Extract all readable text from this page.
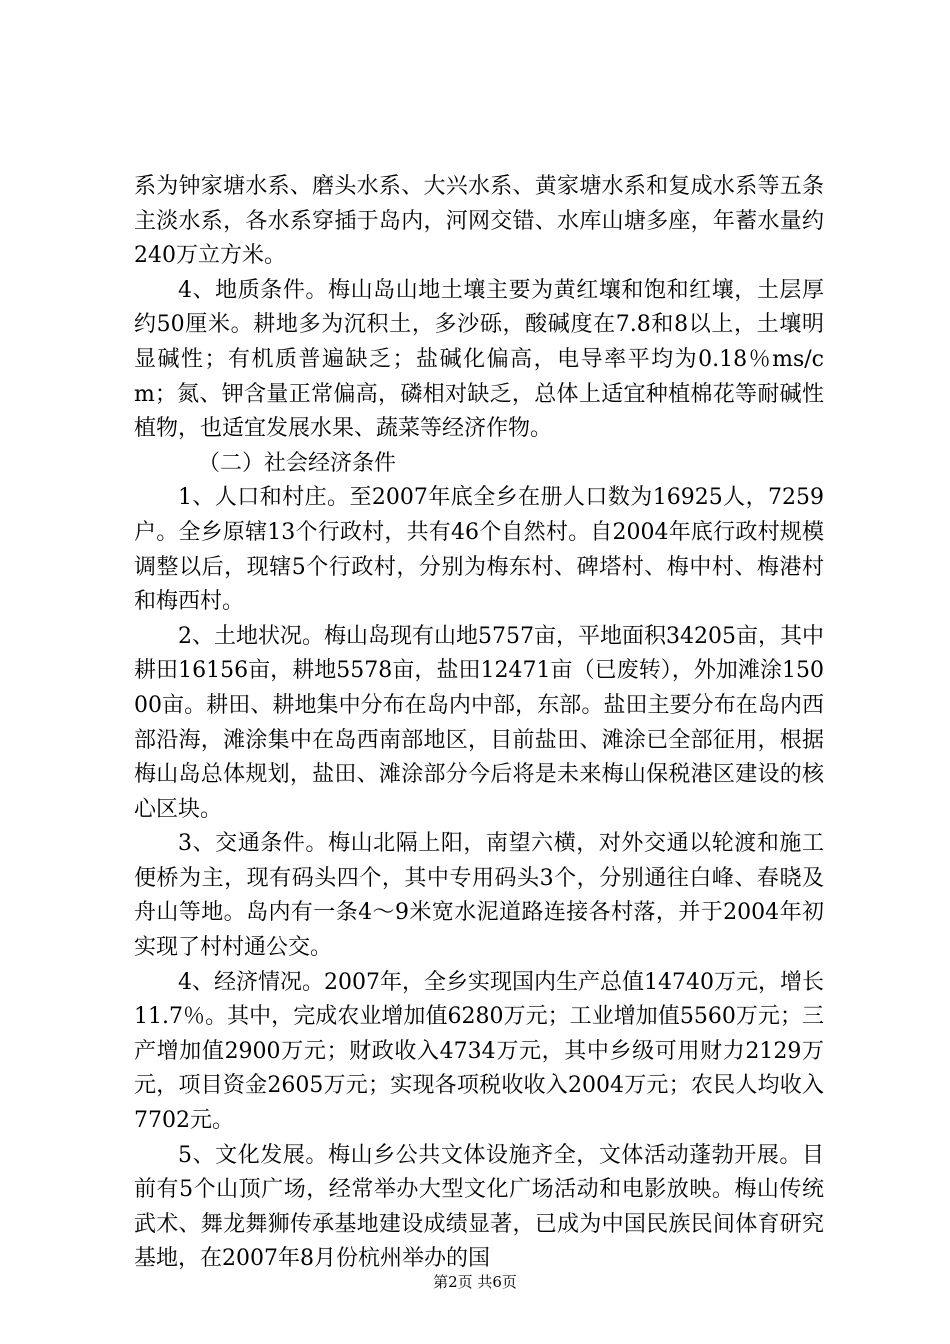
系为钟家塘水系、磨头水系、大兴水系、黄家塘水系和复成水系等五条主淡水系，各水系穿插于岛内，河网交错、水库山塘多座，年蓄水量约240万立方米。

4、地质条件。梅山岛山地土壤主要为黄红壤和饱和红壤，土层厚约50厘米。耕地多为沉积土，多沙砾，酸碱度在7.8和8以上，土壤明显碱性；有机质普遍缺乏；盐碱化偏高，电导率平均为0.18％ms/cm；氮、钾含量正常偏高，磷相对缺乏，总体上适宜种植棉花等耐碱性植物，也适宜发展水果、蔬菜等经济作物。

（二）社会经济条件

1、人口和村庄。至2007年底全乡在册人口数为16925人，7259户。全乡原辖13个行政村，共有46个自然村。自2004年底行政村规模调整以后，现辖5个行政村，分别为梅东村、碑塔村、梅中村、梅港村和梅西村。

2、土地状况。梅山岛现有山地5757亩，平地面积34205亩，其中耕田16156亩，耕地5578亩，盐田12471亩（已废转），外加滩涂15000亩。耕田、耕地集中分布在岛内中部，东部。盐田主要分布在岛内西部沿海，滩涂集中在岛西南部地区，目前盐田、滩涂已全部征用，根据梅山岛总体规划，盐田、滩涂部分今后将是未来梅山保税港区建设的核心区块。

3、交通条件。梅山北隔上阳，南望六横，对外交通以轮渡和施工便桥为主，现有码头四个，其中专用码头3个，分别通往白峰、春晓及舟山等地。岛内有一条4～9米宽水泥道路连接各村落，并于2004年初实现了村村通公交。

4、经济情况。2007年，全乡实现国内生产总值14740万元，增长11.7％。其中，完成农业增加值6280万元；工业增加值5560万元；三产增加值2900万元；财政收入4734万元，其中乡级可用财力2129万元，项目资金2605万元；实现各项税收收入2004万元；农民人均收入7702元。

5、文化发展。梅山乡公共文体设施齐全，文体活动蓬勃开展。目前有5个山顶广场，经常举办大型文化广场活动和电影放映。梅山传统武术、舞龙舞狮传承基地建设成绩显著，已成为中国民族民间体育研究基地，在2007年8月份杭州举办的国

第2页 共6页
